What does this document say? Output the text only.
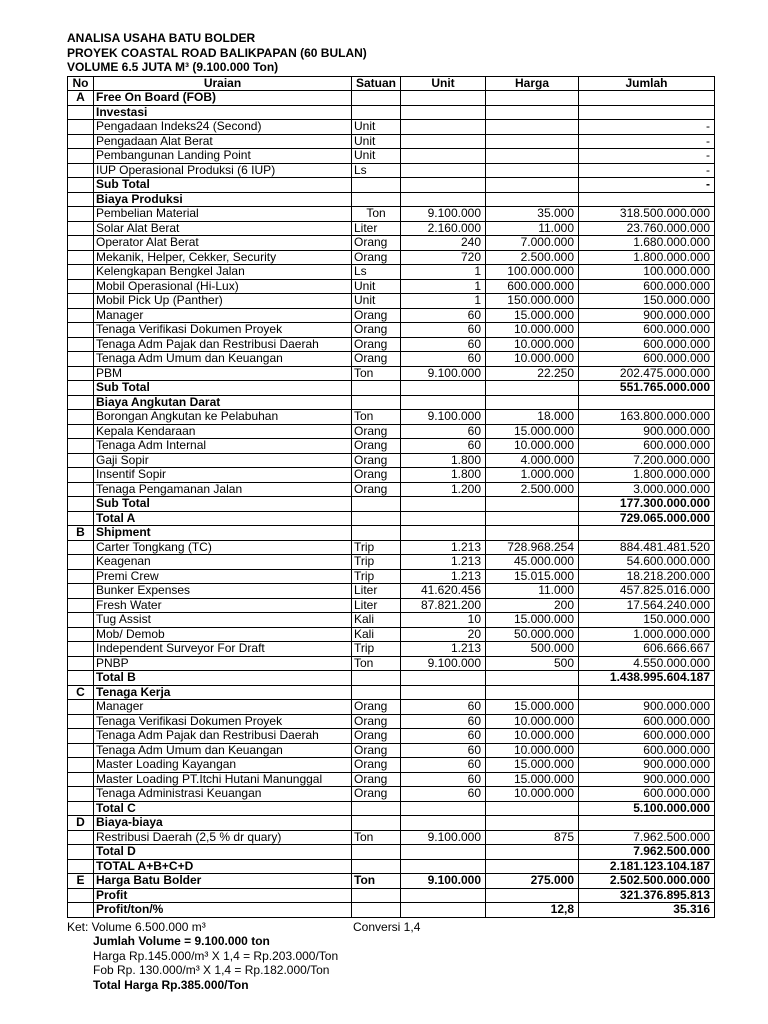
ANALISA USAHA BATU BOLDER
PROYEK COASTAL ROAD BALIKPAPAN (60 BULAN)
VOLUME 6.5 JUTA M³ (9.100.000 Ton)
No	Uraian	Satuan	Unit	Harga	Jumlah
A	Free On Board (FOB)				
	Investasi				
	Pengadaan Indeks24 (Second)	Unit			-
	Pengadaan Alat Berat	Unit			-
	Pembangunan Landing Point	Unit			-
	IUP Operasional Produksi (6 IUP)	Ls			-
	Sub Total				-
	Biaya Produksi				
	Pembelian Material	Ton	9.100.000	35.000	318.500.000.000
	Solar Alat Berat	Liter	2.160.000	11.000	23.760.000.000
	Operator Alat Berat	Orang	240	7.000.000	1.680.000.000
	Mekanik, Helper, Cekker, Security	Orang	720	2.500.000	1.800.000.000
	Kelengkapan Bengkel Jalan	Ls	1	100.000.000	100.000.000
	Mobil Operasional (Hi-Lux)	Unit	1	600.000.000	600.000.000
	Mobil Pick Up (Panther)	Unit	1	150.000.000	150.000.000
	Manager	Orang	60	15.000.000	900.000.000
	Tenaga Verifikasi Dokumen Proyek	Orang	60	10.000.000	600.000.000
	Tenaga Adm Pajak dan Restribusi Daerah	Orang	60	10.000.000	600.000.000
	Tenaga Adm Umum dan Keuangan	Orang	60	10.000.000	600.000.000
	PBM	Ton	9.100.000	22.250	202.475.000.000
	Sub Total				551.765.000.000
	Biaya Angkutan Darat				
	Borongan Angkutan ke Pelabuhan	Ton	9.100.000	18.000	163.800.000.000
	Kepala Kendaraan	Orang	60	15.000.000	900.000.000
	Tenaga Adm Internal	Orang	60	10.000.000	600.000.000
	Gaji Sopir	Orang	1.800	4.000.000	7.200.000.000
	Insentif Sopir	Orang	1.800	1.000.000	1.800.000.000
	Tenaga Pengamanan Jalan	Orang	1.200	2.500.000	3.000.000.000
	Sub Total				177.300.000.000
	Total A				729.065.000.000
B	Shipment				
	Carter Tongkang (TC)	Trip	1.213	728.968.254	884.481.481.520
	Keagenan	Trip	1.213	45.000.000	54.600.000.000
	Premi Crew	Trip	1.213	15.015.000	18.218.200.000
	Bunker Expenses	Liter	41.620.456	11.000	457.825.016.000
	Fresh Water	Liter	87.821.200	200	17.564.240.000
	Tug Assist	Kali	10	15.000.000	150.000.000
	Mob/ Demob	Kali	20	50.000.000	1.000.000.000
	Independent Surveyor For Draft	Trip	1.213	500.000	606.666.667
	PNBP	Ton	9.100.000	500	4.550.000.000
	Total B				1.438.995.604.187
C	Tenaga Kerja				
	Manager	Orang	60	15.000.000	900.000.000
	Tenaga Verifikasi Dokumen Proyek	Orang	60	10.000.000	600.000.000
	Tenaga Adm Pajak dan Restribusi Daerah	Orang	60	10.000.000	600.000.000
	Tenaga Adm Umum dan Keuangan	Orang	60	10.000.000	600.000.000
	Master Loading Kayangan	Orang	60	15.000.000	900.000.000
	Master Loading PT.Itchi Hutani Manunggal	Orang	60	15.000.000	900.000.000
	Tenaga Administrasi Keuangan	Orang	60	10.000.000	600.000.000
	Total C				5.100.000.000
D	Biaya-biaya				
	Restribusi Daerah (2,5 % dr quary)	Ton	9.100.000	875	7.962.500.000
	Total D				7.962.500.000
	TOTAL A+B+C+D				2.181.123.104.187
E	Harga Batu Bolder	Ton	9.100.000	275.000	2.502.500.000.000
	Profit				321.376.895.813
	Profit/ton/%			12,8	35.316
Ket: Volume 6.500.000 m³	Conversi 1,4
Jumlah Volume = 9.100.000 ton
Harga Rp.145.000/m³ X 1,4 = Rp.203.000/Ton
Fob Rp. 130.000/m³ X 1,4 = Rp.182.000/Ton
Total Harga Rp.385.000/Ton
